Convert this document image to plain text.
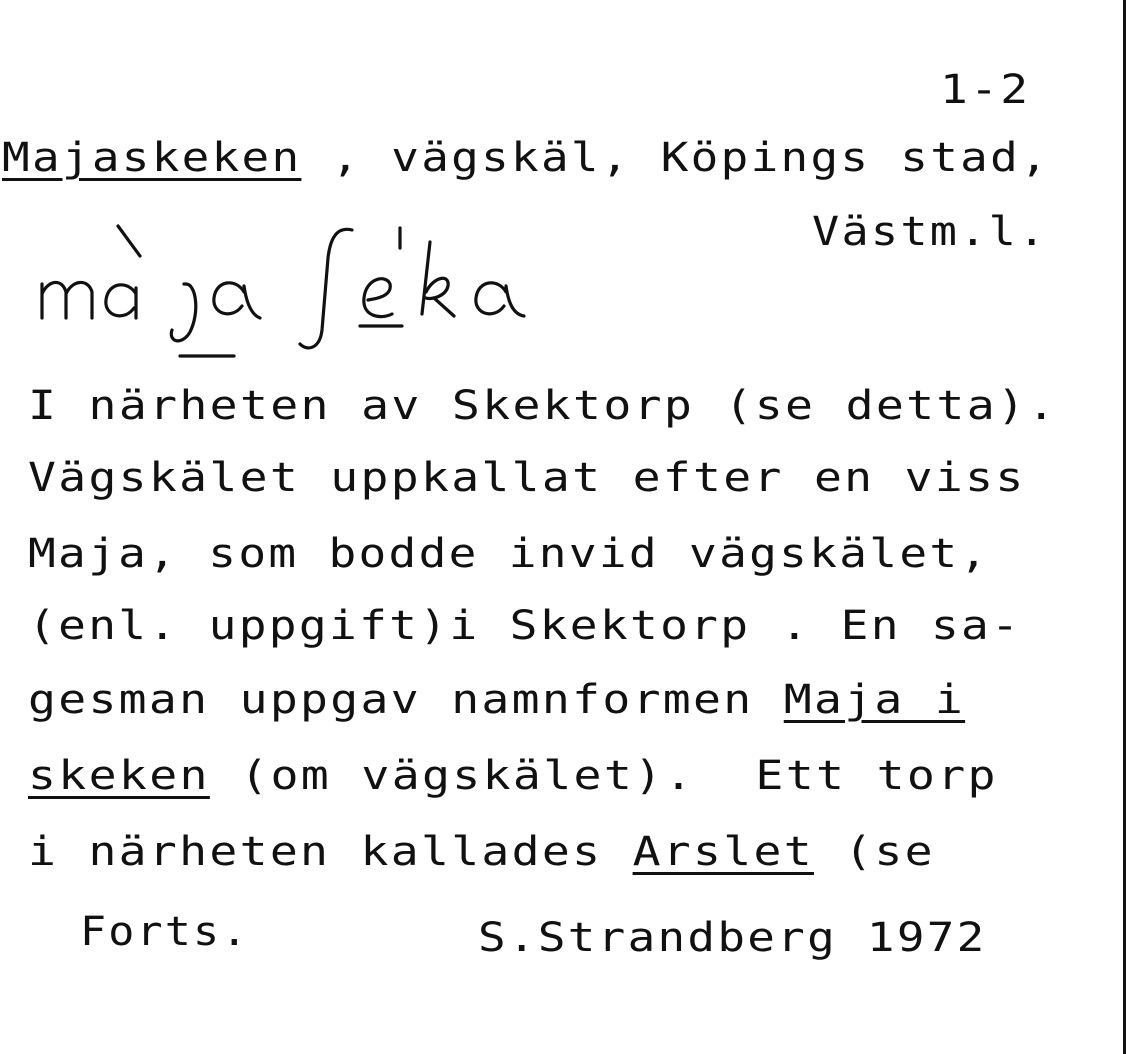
1-2
Majaskeken , vägskäl, Köpings stad,
Västm.l.
I närheten av Skektorp (se detta).
Vägskälet uppkallat efter en viss
Maja, som bodde invid vägskälet,
(enl. uppgift)i Skektorp . En sa-
gesman uppgav namnformen Maja i
skeken (om vägskälet).  Ett torp
i närheten kallades Arslet (se
Forts.	S.Strandberg 1972
